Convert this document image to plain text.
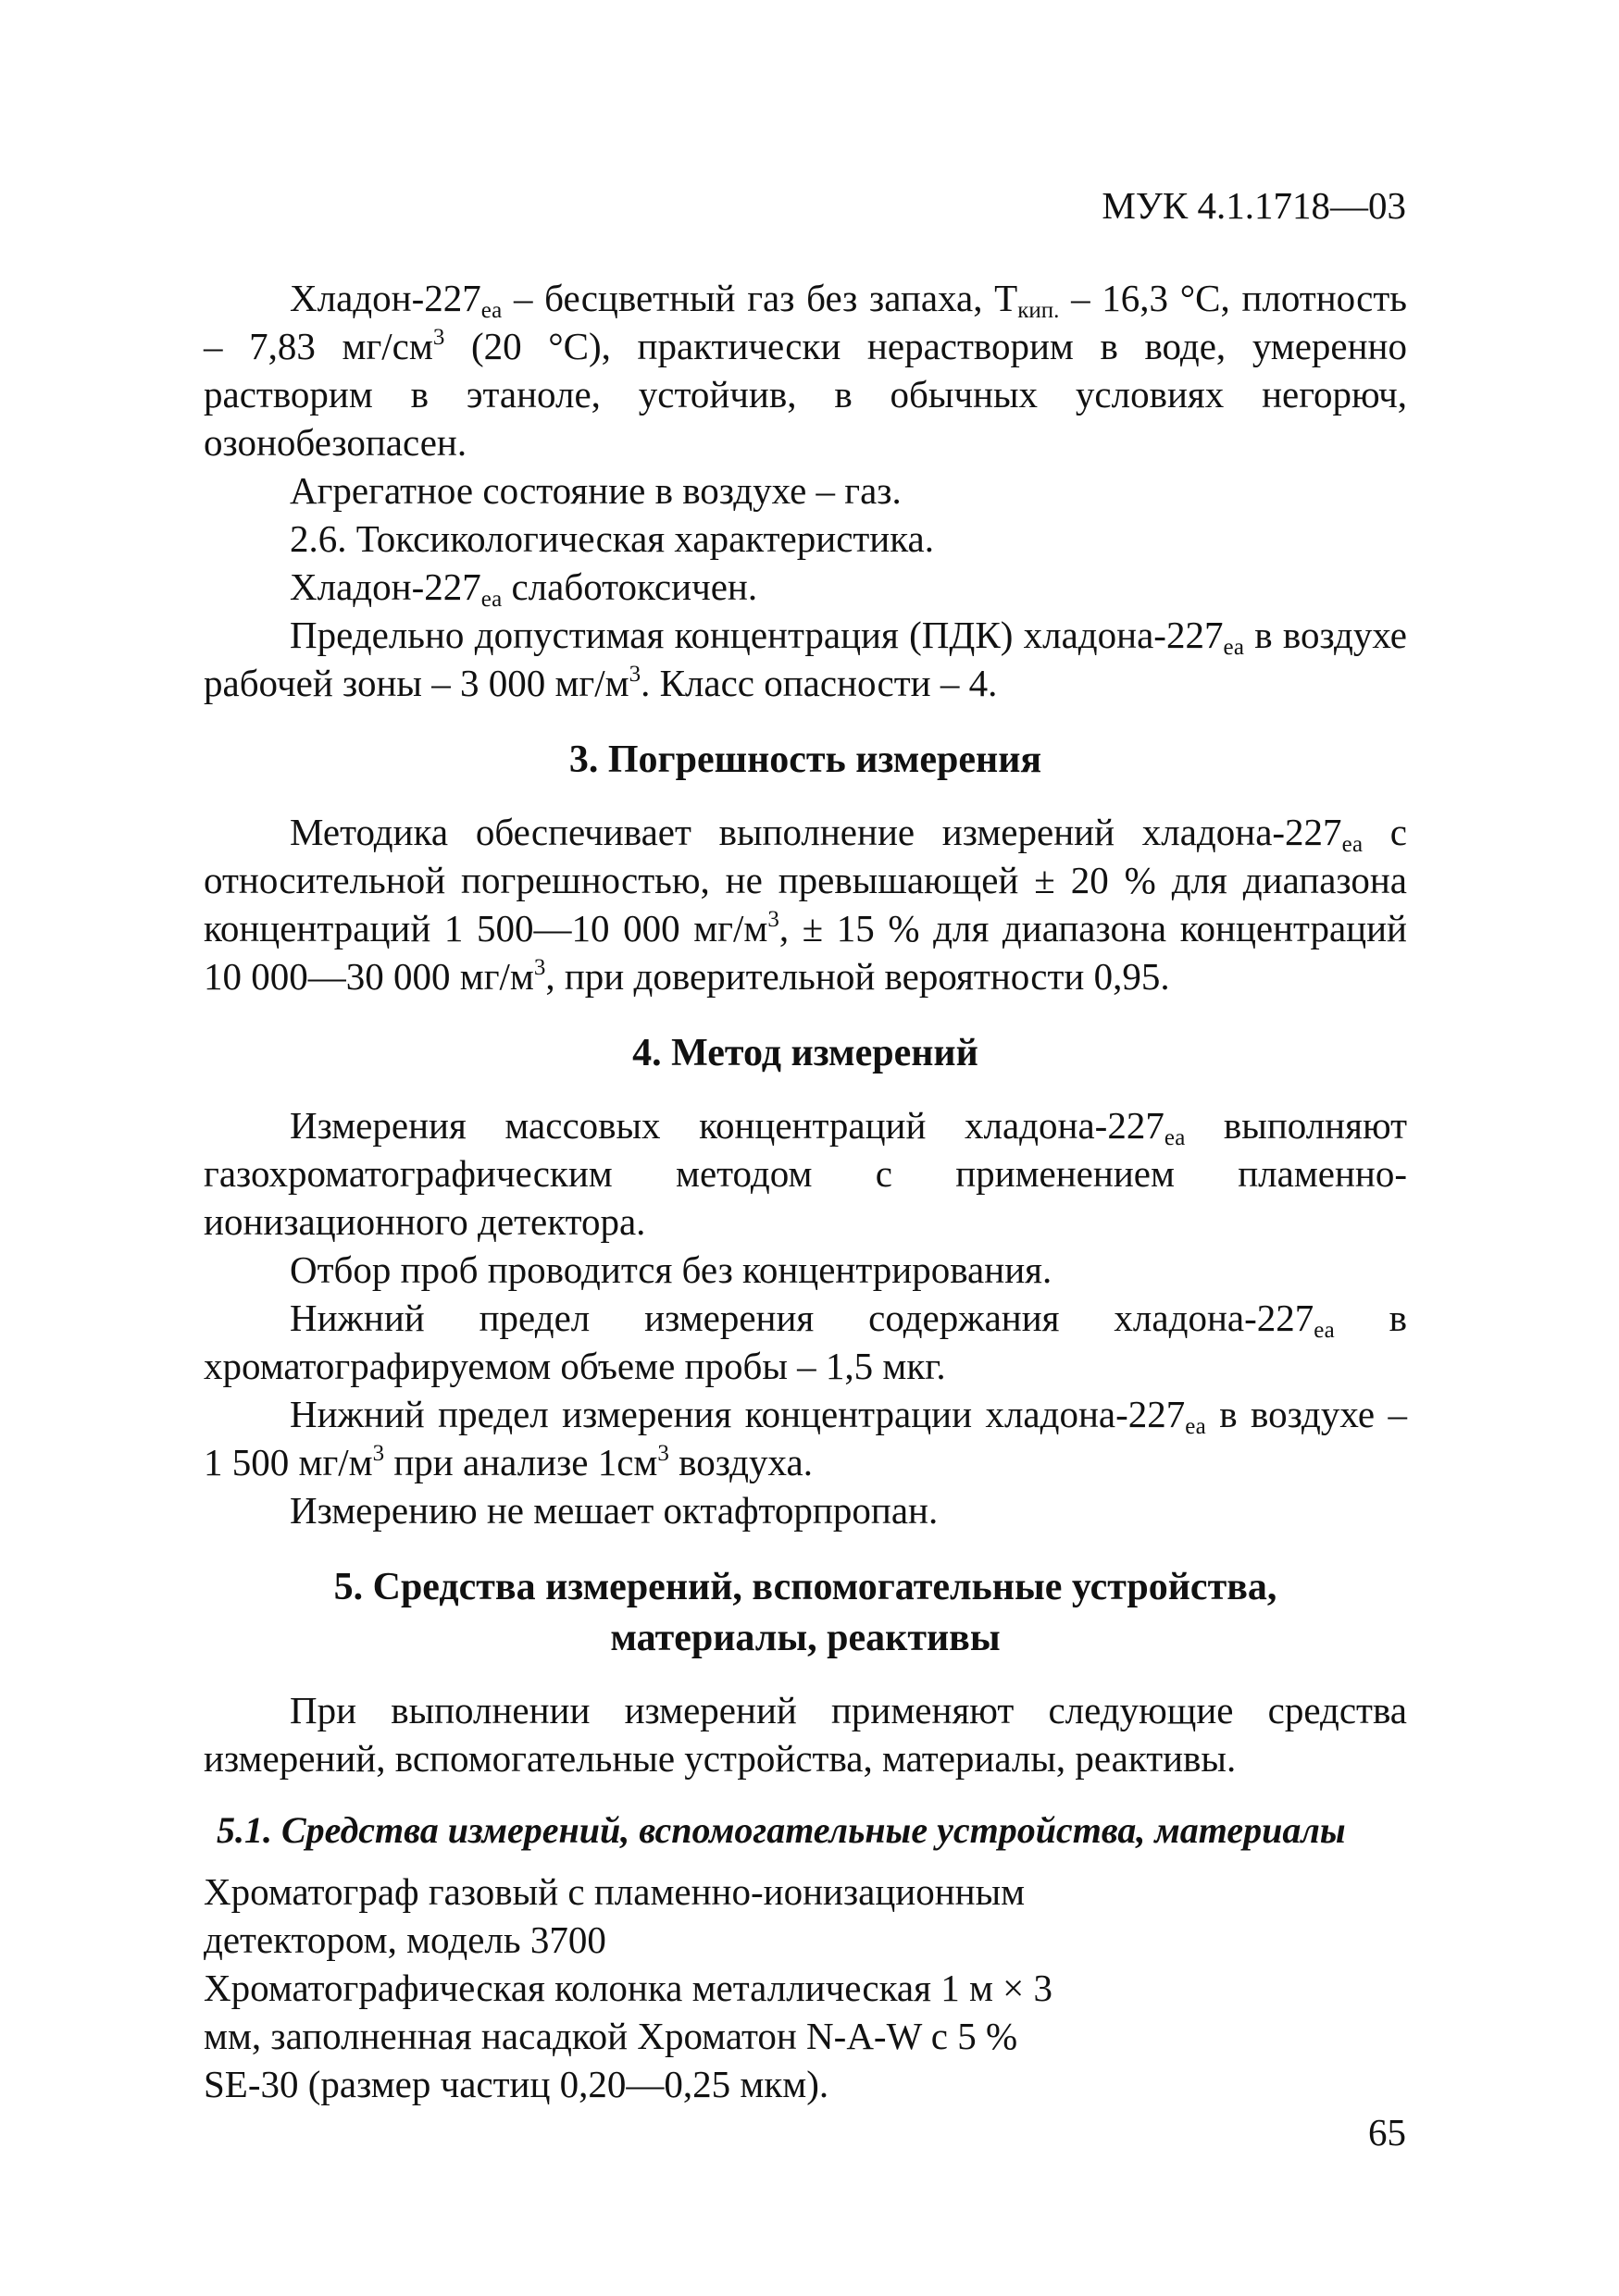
МУК 4.1.1718—03

Хладон-$227_{еа}$ – бесцветный газ без запаха, $Т_{кип.} - 16,3$ °С, плотность – 7,83 $мг/см^3$ (20 °С), практически нерастворим в воде, умеренно растворим в этаноле, устойчив, в обычных условиях негорюч, озонобезопасен.

Агрегатное состояние в воздухе – газ.

2.6. Токсикологическая характеристика.

Хладон-$227_{еа}$ слаботоксичен.

Предельно допустимая концентрация (ПДК) хладона-$227_{еа}$ в воздухе рабочей зоны – 3 000 $мг/м^3$. Класс опасности – 4.

3. Погрешность измерения

Методика обеспечивает выполнение измерений хладона-$227_{еа}$ с относительной погрешностью, не превышающей ± 20 % для диапазона концентраций 1 500—10 000 $мг/м^3$, ± 15 % для диапазона концентраций 10 000—30 000 $мг/м^3$, при доверительной вероятности 0,95.

4. Метод измерений

Измерения массовых концентраций хладона-$227_{еа}$ выполняют газохроматографическим методом с применением пламенно-ионизационного детектора.

Отбор проб проводится без концентрирования.

Нижний предел измерения содержания хладона-$227_{еа}$ в хроматографируемом объеме пробы – 1,5 мкг.

Нижний предел измерения концентрации хладона-$227_{еа}$ в воздухе – 1 500 $мг/м^3$ при анализе $1см^3$ воздуха.

Измерению не мешает октафторпропан.

5. Средства измерений, вспомогательные устройства,
материалы, реактивы

При выполнении измерений применяют следующие средства измерений, вспомогательные устройства, материалы, реактивы.

5.1. Средства измерений, вспомогательные устройства, материалы

Хроматограф газовый с пламенно-ионизационным детектором, модель 3700

Хроматографическая колонка металлическая 1 м × 3 мм, заполненная насадкой Хроматон N-A-W с 5 % SE-30 (размер частиц 0,20—0,25 мкм).

65
